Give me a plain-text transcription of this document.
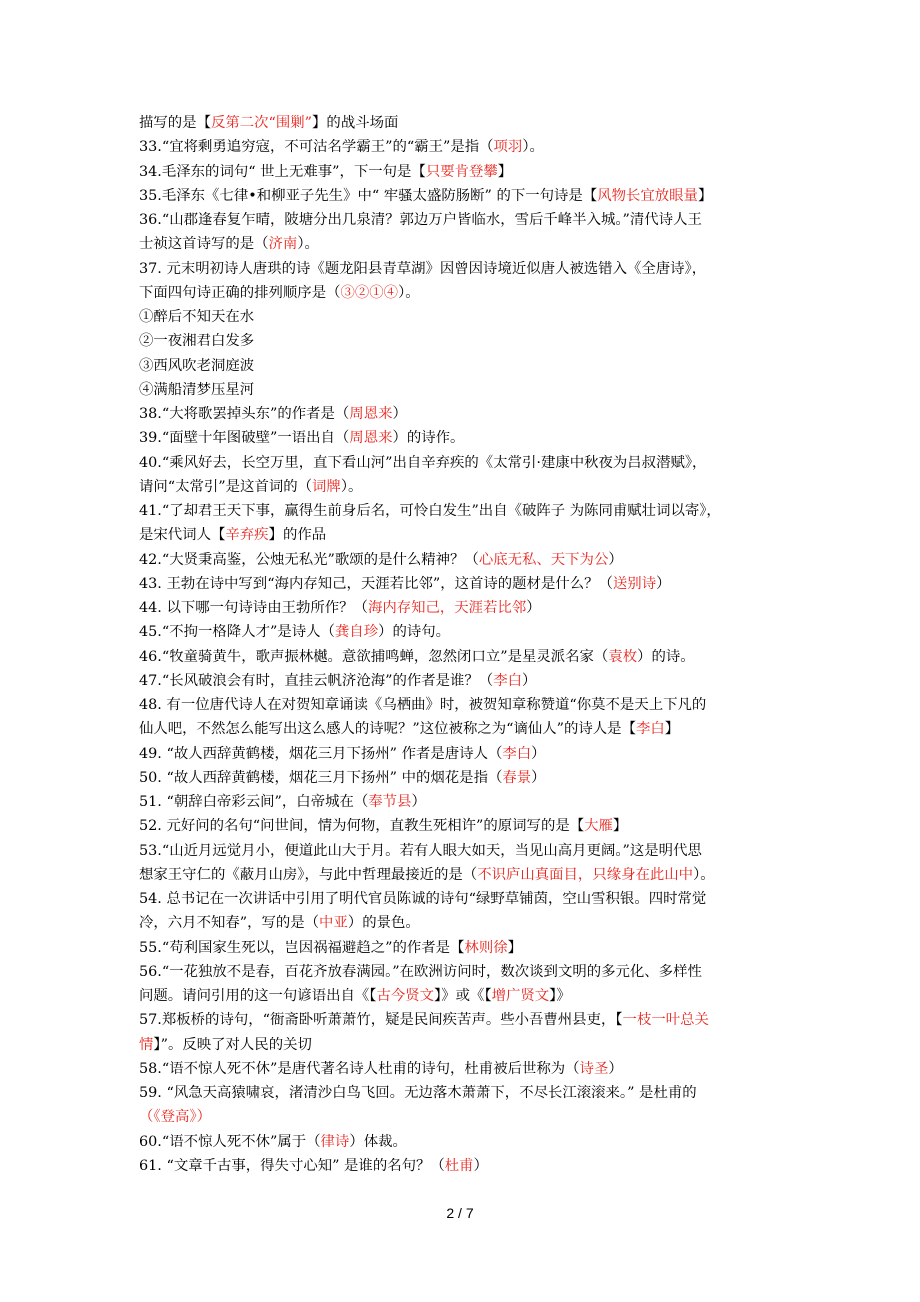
描写的是【反第二次“围剿”】的战斗场面
33.“宜将剩勇追穷寇，不可沽名学霸王”的“霸王”是指（项羽）。
34.毛泽东的词句“ 世上无难事”，下一句是【只要肯登攀】
35.毛泽东《七律•和柳亚子先生》中“ 牢骚太盛防肠断” 的下一句诗是【风物长宜放眼量】
36.“山郡逢春复乍晴，陂塘分出几泉清？郭边万户皆临水，雪后千峰半入城。”清代诗人王
士祯这首诗写的是（济南）。
37. 元末明初诗人唐珙的诗《题龙阳县青草湖》因曾因诗境近似唐人被选错入《全唐诗》，
下面四句诗正确的排列顺序是（③②①④）。
①醉后不知天在水
②一夜湘君白发多
③西风吹老洞庭波
④满船清梦压星河
38.“大将歌罢掉头东”的作者是（周恩来）
39.“面壁十年图破壁”一语出自（周恩来）的诗作。
40.“乘风好去，长空万里，直下看山河”出自辛弃疾的《太常引·建康中秋夜为吕叔潜赋》，
请问“太常引”是这首词的（词牌）。
41.“了却君王天下事，赢得生前身后名，可怜白发生”出自《破阵子 为陈同甫赋壮词以寄》，
是宋代词人【辛弃疾】的作品
42.“大贤秉高鉴，公烛无私光”歌颂的是什么精神？（心底无私、天下为公）
43. 王勃在诗中写到“海内存知己，天涯若比邻”，这首诗的题材是什么？（送别诗）
44. 以下哪一句诗诗由王勃所作？（海内存知己，天涯若比邻）
45.“不拘一格降人才”是诗人（龚自珍）的诗句。
46.“牧童骑黄牛，歌声振林樾。意欲捕鸣蝉，忽然闭口立”是星灵派名家（袁枚）的诗。
47.“长风破浪会有时，直挂云帆济沧海”的作者是谁？（李白）
48. 有一位唐代诗人在对贺知章诵读《乌栖曲》时，被贺知章称赞道“你莫不是天上下凡的
仙人吧，不然怎么能写出这么感人的诗呢？”这位被称之为“谪仙人”的诗人是【李白】
49. “故人西辞黄鹤楼，烟花三月下扬州” 作者是唐诗人（李白）
50. “故人西辞黄鹤楼，烟花三月下扬州” 中的烟花是指（春景）
51. “朝辞白帝彩云间”，白帝城在（奉节县）
52. 元好问的名句“问世间，情为何物，直教生死相许”的原词写的是【大雁】
53.“山近月远觉月小，便道此山大于月。若有人眼大如天，当见山高月更阔。”这是明代思
想家王守仁的《蔽月山房》，与此中哲理最接近的是（不识庐山真面目，只缘身在此山中）。
54. 总书记在一次讲话中引用了明代官员陈诚的诗句“绿野草铺茵，空山雪积银。四时常觉
冷，六月不知春”，写的是（中亚）的景色。
55.“苟利国家生死以，岂因祸福避趋之”的作者是【林则徐】
56.“一花独放不是春，百花齐放春满园。”在欧洲访问时，数次谈到文明的多元化、多样性
问题。请问引用的这一句谚语出自《【古今贤文】》或《【增广贤文】》
57.郑板桥的诗句，“衙斋卧听萧萧竹，疑是民间疾苦声。些小吾曹州县吏，【一枝一叶总关
情】”。反映了对人民的关切
58.“语不惊人死不休”是唐代著名诗人杜甫的诗句，杜甫被后世称为（诗圣）
59. “风急天高猿啸哀，渚清沙白鸟飞回。无边落木萧萧下，不尽长江滚滚来。” 是杜甫的
（《登高》）
60.“语不惊人死不休”属于（律诗）体裁。
61. “文章千古事，得失寸心知” 是谁的名句？（杜甫）
2 / 7
